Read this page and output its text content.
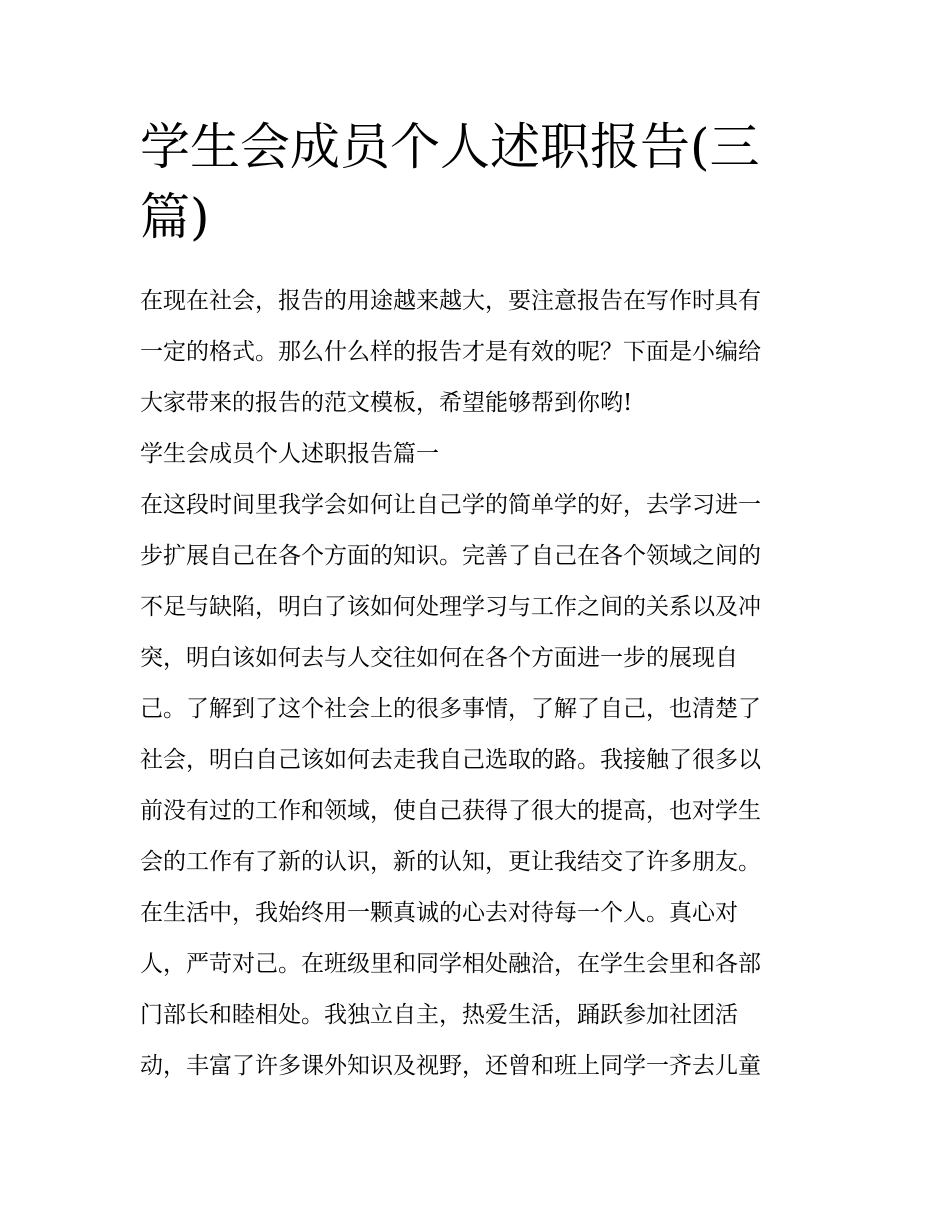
学生会成员个人述职报告(三
篇)
在现在社会，报告的用途越来越大，要注意报告在写作时具有
一定的格式。那么什么样的报告才是有效的呢？下面是小编给
大家带来的报告的范文模板，希望能够帮到你哟!
学生会成员个人述职报告篇一
在这段时间里我学会如何让自己学的简单学的好，去学习进一
步扩展自己在各个方面的知识。完善了自己在各个领域之间的
不足与缺陷，明白了该如何处理学习与工作之间的关系以及冲
突，明白该如何去与人交往如何在各个方面进一步的展现自
己。了解到了这个社会上的很多事情，了解了自己，也清楚了
社会，明白自己该如何去走我自己选取的路。我接触了很多以
前没有过的工作和领域，使自己获得了很大的提高，也对学生
会的工作有了新的认识，新的认知，更让我结交了许多朋友。
在生活中，我始终用一颗真诚的心去对待每一个人。真心对
人，严苛对己。在班级里和同学相处融洽，在学生会里和各部
门部长和睦相处。我独立自主，热爱生活，踊跃参加社团活
动，丰富了许多课外知识及视野，还曾和班上同学一齐去儿童
